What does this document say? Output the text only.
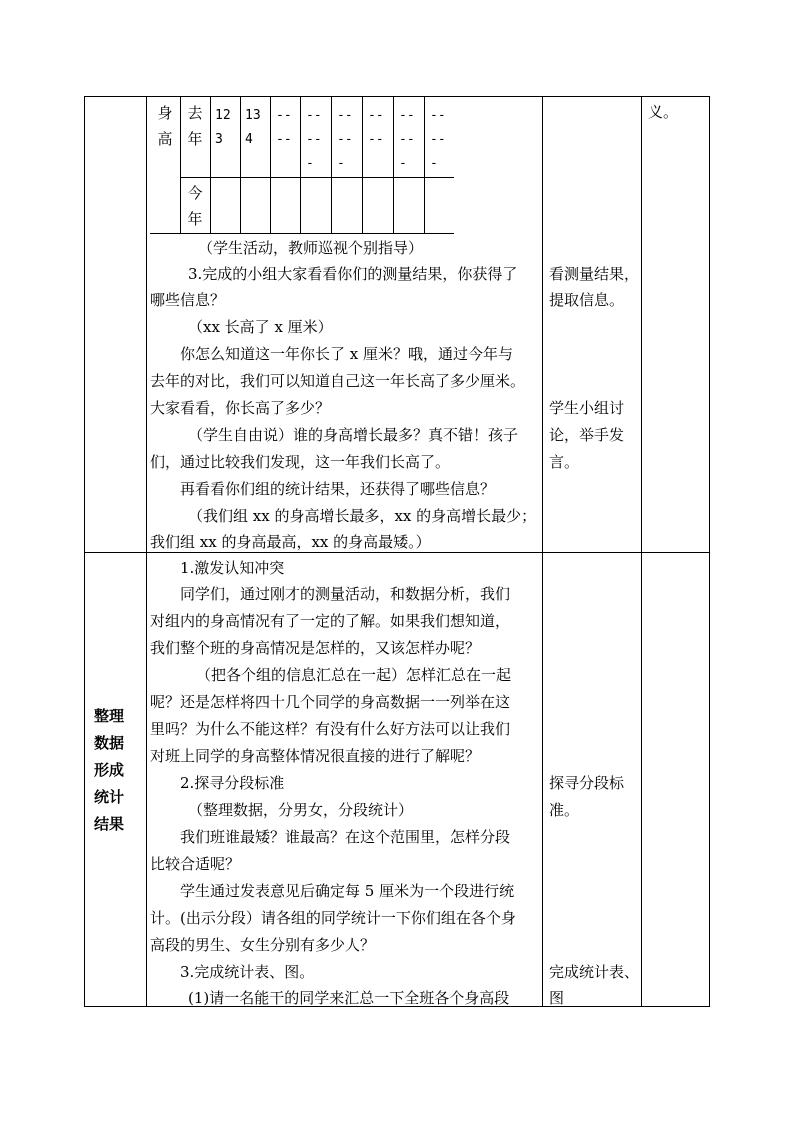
身高
去年
今年
12
3
13
4
--
--
--
--
-
--
--
-
--
--
--
--
-
--
--
-
（学生活动，教师巡视个别指导）
3.完成的小组大家看看你们的测量结果，你获得了
哪些信息？
（xx 长高了 x 厘米）
你怎么知道这一年你长了 x 厘米？哦，通过今年与
去年的对比，我们可以知道自己这一年长高了多少厘米。
大家看看，你长高了多少？
（学生自由说）谁的身高增长最多？真不错！孩子
们，通过比较我们发现，这一年我们长高了。
再看看你们组的统计结果，还获得了哪些信息？
（我们组 xx 的身高增长最多，xx 的身高增长最少；
我们组 xx 的身高最高，xx 的身高最矮。）
看测量结果，
提取信息。
学生小组讨
论，举手发
言。
义。
整理
数据
形成
统计
结果
1.激发认知冲突
同学们，通过刚才的测量活动，和数据分析，我们
对组内的身高情况有了一定的了解。如果我们想知道，
我们整个班的身高情况是怎样的，又该怎样办呢？
（把各个组的信息汇总在一起）怎样汇总在一起
呢？还是怎样将四十几个同学的身高数据一一列举在这
里吗？为什么不能这样？有没有什么好方法可以让我们
对班上同学的身高整体情况很直接的进行了解呢？
2.探寻分段标准
（整理数据，分男女，分段统计）
我们班谁最矮？谁最高？在这个范围里，怎样分段
比较合适呢？
学生通过发表意见后确定每 5 厘米为一个段进行统
计。(出示分段）请各组的同学统计一下你们组在各个身
高段的男生、女生分别有多少人？
3.完成统计表、图。
(1)请一名能干的同学来汇总一下全班各个身高段
探寻分段标
准。
完成统计表、
图
